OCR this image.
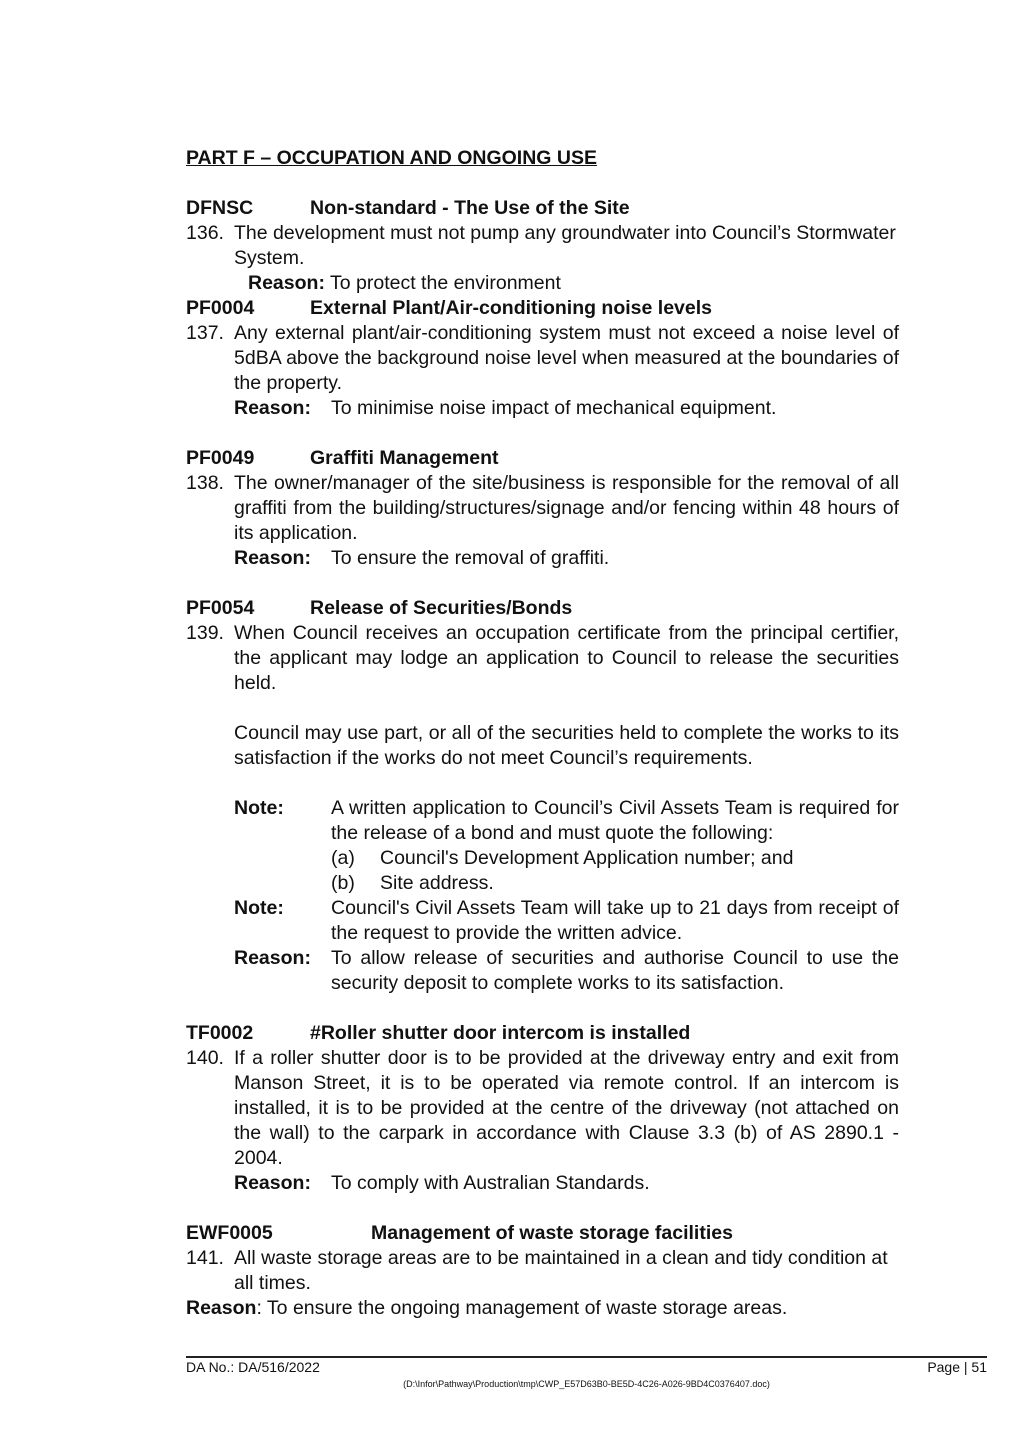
PART F – OCCUPATION AND ONGOING USE
DFNSC	Non-standard - The Use of the Site
136. The development must not pump any groundwater into Council’s Stormwater System.
Reason: To protect the environment
PF0004	External Plant/Air-conditioning noise levels
137. Any external plant/air-conditioning system must not exceed a noise level of 5dBA above the background noise level when measured at the boundaries of the property.
Reason:	To minimise noise impact of mechanical equipment.
PF0049	Graffiti Management
138. The owner/manager of the site/business is responsible for the removal of all graffiti from the building/structures/signage and/or fencing within 48 hours of its application.
Reason:	To ensure the removal of graffiti.
PF0054	Release of Securities/Bonds
139. When Council receives an occupation certificate from the principal certifier, the applicant may lodge an application to Council to release the securities held.
Council may use part, or all of the securities held to complete the works to its satisfaction if the works do not meet Council’s requirements.
Note:	A written application to Council’s Civil Assets Team is required for the release of a bond and must quote the following:
(a)	Council's Development Application number; and
(b)	Site address.
Note:	Council's Civil Assets Team will take up to 21 days from receipt of the request to provide the written advice.
Reason:	To allow release of securities and authorise Council to use the security deposit to complete works to its satisfaction.
TF0002	#Roller shutter door intercom is installed
140. If a roller shutter door is to be provided at the driveway entry and exit from Manson Street, it is to be operated via remote control. If an intercom is installed, it is to be provided at the centre of the driveway (not attached on the wall) to the carpark in accordance with Clause 3.3 (b) of AS 2890.1 - 2004.
Reason:	To comply with Australian Standards.
EWF0005	Management of waste storage facilities
141. All waste storage areas are to be maintained in a clean and tidy condition at all times.
Reason: To ensure the ongoing management of waste storage areas.
DA No.: DA/516/2022	Page | 51
(D:\Infor\Pathway\Production\tmp\CWP_E57D63B0-BE5D-4C26-A026-9BD4C0376407.doc)
